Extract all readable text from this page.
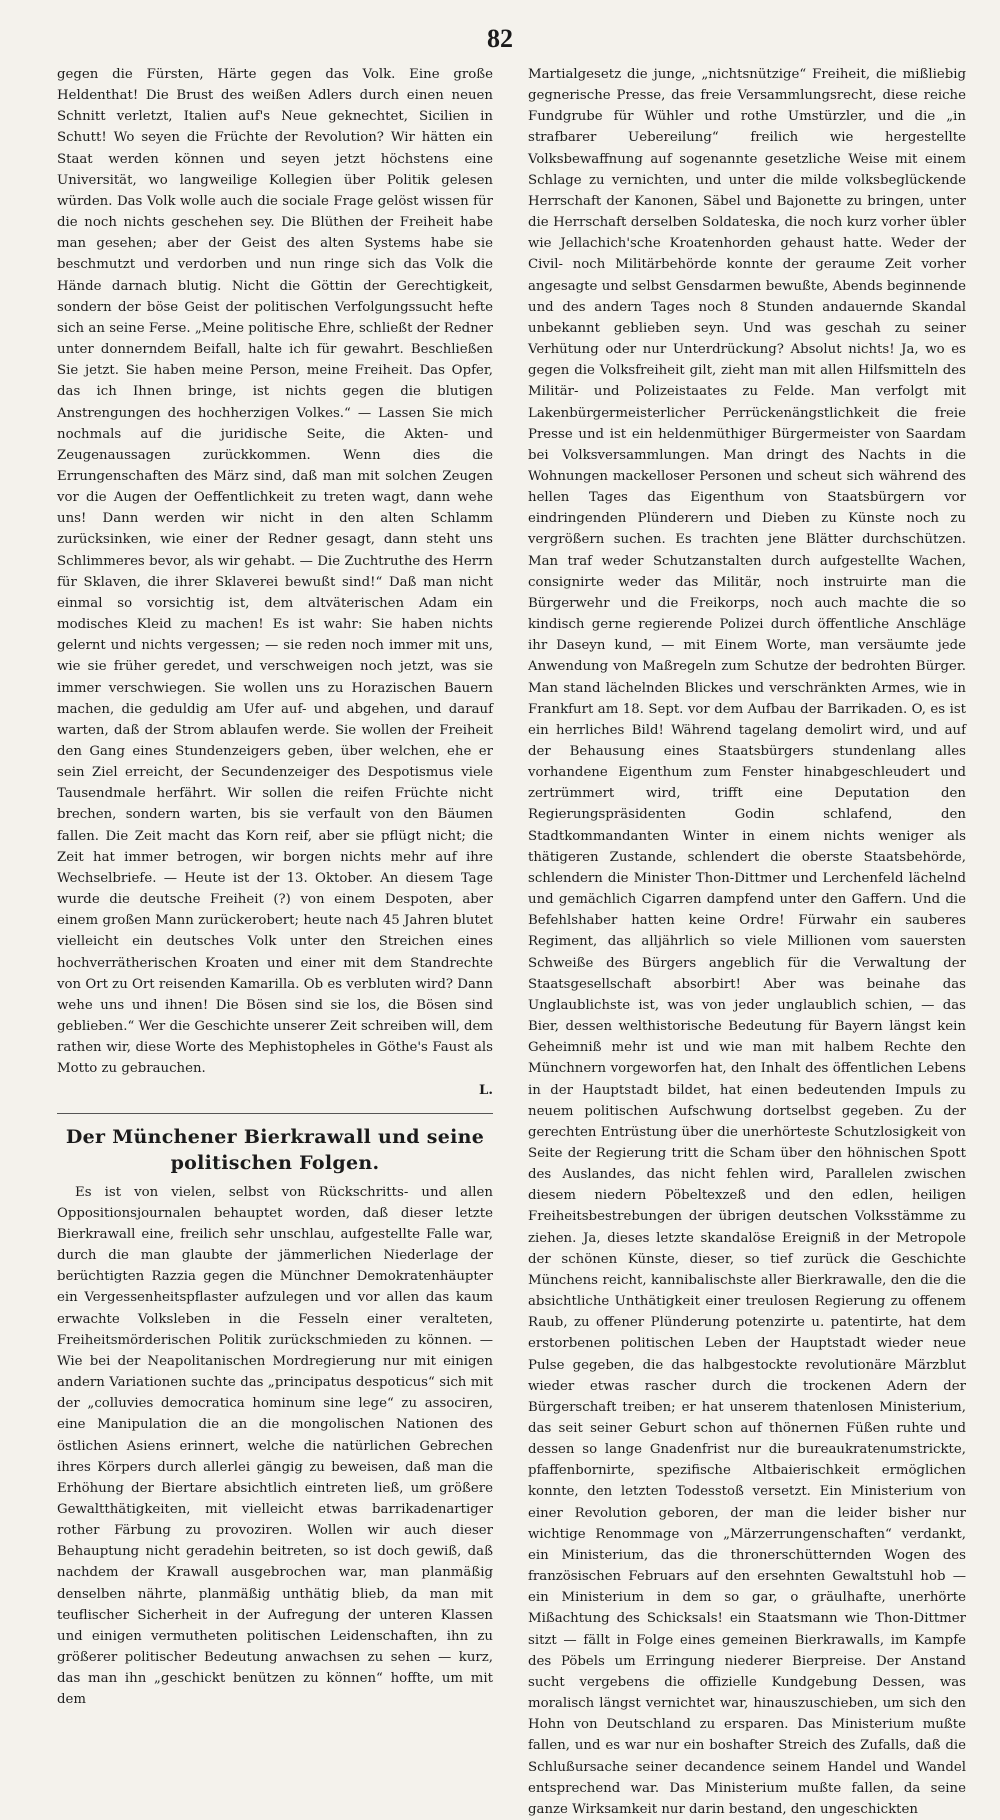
82

gegen die Fürsten, Härte gegen das Volk. Eine große Heldenthat! Die Brust des weißen Adlers durch einen neuen Schnitt verletzt, Italien auf's Neue geknechtet, Sicilien in Schutt! Wo seyen die Früchte der Revolution? Wir hätten ein Staat werden können und seyen jetzt höchstens eine Universität, wo langweilige Kollegien über Politik gelesen würden. Das Volk wolle auch die sociale Frage gelöst wissen für die noch nichts geschehen sey. Die Blüthen der Freiheit habe man gesehen; aber der Geist des alten Systems habe sie beschmutzt und verdorben und nun ringe sich das Volk die Hände darnach blutig. Nicht die Göttin der Gerechtigkeit, sondern der böse Geist der politischen Verfolgungssucht hefte sich an seine Ferse. „Meine politische Ehre, schließt der Redner unter donnerndem Beifall, halte ich für gewahrt. Beschließen Sie jetzt. Sie haben meine Person, meine Freiheit. Das Opfer, das ich Ihnen bringe, ist nichts gegen die blutigen Anstrengungen des hochherzigen Volkes.“ — Lassen Sie mich nochmals auf die juridische Seite, die Akten- und Zeugenaussagen zurückkommen. Wenn dies die Errungenschaften des März sind, daß man mit solchen Zeugen vor die Augen der Oeffentlichkeit zu treten wagt, dann wehe uns! Dann werden wir nicht in den alten Schlamm zurücksinken, wie einer der Redner gesagt, dann steht uns Schlimmeres bevor, als wir gehabt. — Die Zuchtruthe des Herrn für Sklaven, die ihrer Sklaverei bewußt sind!“ Daß man nicht einmal so vorsichtig ist, dem altväterischen Adam ein modisches Kleid zu machen! Es ist wahr: Sie haben nichts gelernt und nichts vergessen; — sie reden noch immer mit uns, wie sie früher geredet, und verschweigen noch jetzt, was sie immer verschwiegen. Sie wollen uns zu Horazischen Bauern machen, die geduldig am Ufer auf- und abgehen, und darauf warten, daß der Strom ablaufen werde. Sie wollen der Freiheit den Gang eines Stundenzeigers geben, über welchen, ehe er sein Ziel erreicht, der Secundenzeiger des Despotismus viele Tausendmale herfährt. Wir sollen die reifen Früchte nicht brechen, sondern warten, bis sie verfault von den Bäumen fallen. Die Zeit macht das Korn reif, aber sie pflügt nicht; die Zeit hat immer betrogen, wir borgen nichts mehr auf ihre Wechselbriefe. — Heute ist der 13. Oktober. An diesem Tage wurde die deutsche Freiheit (?) von einem Despoten, aber einem großen Mann zurückerobert; heute nach 45 Jahren blutet vielleicht ein deutsches Volk unter den Streichen eines hochverrätherischen Kroaten und einer mit dem Standrechte von Ort zu Ort reisenden Kamarilla. Ob es verbluten wird? Dann wehe uns und ihnen! Die Bösen sind sie los, die Bösen sind geblieben.“ Wer die Geschichte unserer Zeit schreiben will, dem rathen wir, diese Worte des Mephistopheles in Göthe's Faust als Motto zu gebrauchen.

L.
Der Münchener Bierkrawall und seine politischen Folgen.

Es ist von vielen, selbst von Rückschritts- und allen Oppositionsjournalen behauptet worden, daß dieser letzte Bierkrawall eine, freilich sehr unschlau, aufgestellte Falle war, durch die man glaubte der jämmerlichen Niederlage der berüchtigten Razzia gegen die Münchner Demokratenhäupter ein Vergessenheitspflaster aufzulegen und vor allen das kaum erwachte Volksleben in die Fesseln einer veralteten, Freiheitsmörderischen Politik zurückschmieden zu können. — Wie bei der Neapolitanischen Mordregierung nur mit einigen andern Variationen suchte das „principatus despoticus“ sich mit der „colluvies democratica hominum sine lege“ zu associren, eine Manipulation die an die mongolischen Nationen des östlichen Asiens erinnert, welche die natürlichen Gebrechen ihres Körpers durch allerlei gängig zu beweisen, daß man die Erhöhung der Biertare absichtlich eintreten ließ, um größere Gewaltthätigkeiten, mit vielleicht etwas barrikadenartiger rother Färbung zu provoziren. Wollen wir auch dieser Behauptung nicht geradehin beitreten, so ist doch gewiß, daß nachdem der Krawall ausgebrochen war, man planmäßig denselben nährte, planmäßig unthätig blieb, da man mit teuflischer Sicherheit in der Aufregung der unteren Klassen und einigen vermutheten politischen Leidenschaften, ihn zu größerer politischer Bedeutung anwachsen zu sehen — kurz, das man ihn „geschickt benützen zu können“ hoffte, um mit dem

Martialgesetz die junge, „nichtsnützige“ Freiheit, die mißliebig gegnerische Presse, das freie Versammlungsrecht, diese reiche Fundgrube für Wühler und rothe Umstürzler, und die „in strafbarer Uebereilung“ freilich wie hergestellte Volksbewaffnung auf sogenannte gesetzliche Weise mit einem Schlage zu vernichten, und unter die milde volksbeglückende Herrschaft der Kanonen, Säbel und Bajonette zu bringen, unter die Herrschaft derselben Soldateska, die noch kurz vorher übler wie Jellachich'sche Kroatenhorden gehaust hatte. Weder der Civil- noch Militärbehörde konnte der geraume Zeit vorher angesagte und selbst Gensdarmen bewußte, Abends beginnende und des andern Tages noch 8 Stunden andauernde Skandal unbekannt geblieben seyn. Und was geschah zu seiner Verhütung oder nur Unterdrückung? Absolut nichts! Ja, wo es gegen die Volksfreiheit gilt, zieht man mit allen Hilfsmitteln des Militär- und Polizeistaates zu Felde. Man verfolgt mit Lakenbürgermeisterlicher Perrückenängstlichkeit die freie Presse und ist ein heldenmüthiger Bürgermeister von Saardam bei Volksversammlungen. Man dringt des Nachts in die Wohnungen mackelloser Personen und scheut sich während des hellen Tages das Eigenthum von Staatsbürgern vor eindringenden Plünderern und Dieben zu Künste noch zu vergrößern suchen. Es trachten jene Blätter durchschützen. Man traf weder Schutzanstalten durch aufgestellte Wachen, consignirte weder das Militär, noch instruirte man die Bürgerwehr und die Freikorps, noch auch machte die so kindisch gerne regierende Polizei durch öffentliche Anschläge ihr Daseyn kund, — mit Einem Worte, man versäumte jede Anwendung von Maßregeln zum Schutze der bedrohten Bürger. Man stand lächelnden Blickes und verschränkten Armes, wie in Frankfurt am 18. Sept. vor dem Aufbau der Barrikaden. O, es ist ein herrliches Bild! Während tagelang demolirt wird, und auf der Behausung eines Staatsbürgers stundenlang alles vorhandene Eigenthum zum Fenster hinabgeschleudert und zertrümmert wird, trifft eine Deputation den Regierungspräsidenten Godin schlafend, den Stadtkommandanten Winter in einem nichts weniger als thätigeren Zustande, schlendert die oberste Staatsbehörde, schlendern die Minister Thon-Dittmer und Lerchenfeld lächelnd und gemächlich Cigarren dampfend unter den Gaffern. Und die Befehlshaber hatten keine Ordre! Fürwahr ein sauberes Regiment, das alljährlich so viele Millionen vom sauersten Schweiße des Bürgers angeblich für die Verwaltung der Staatsgesellschaft absorbirt! Aber was beinahe das Unglaublichste ist, was von jeder unglaublich schien, — das Bier, dessen welthistorische Bedeutung für Bayern längst kein Geheimniß mehr ist und wie man mit halbem Rechte den Münchnern vorgeworfen hat, den Inhalt des öffentlichen Lebens in der Hauptstadt bildet, hat einen bedeutenden Impuls zu neuem politischen Aufschwung dortselbst gegeben. Zu der gerechten Entrüstung über die unerhörteste Schutzlosigkeit von Seite der Regierung tritt die Scham über den höhnischen Spott des Auslandes, das nicht fehlen wird, Parallelen zwischen diesem niedern Pöbeltexzeß und den edlen, heiligen Freiheitsbestrebungen der übrigen deutschen Volksstämme zu ziehen. Ja, dieses letzte skandalöse Ereigniß in der Metropole der schönen Künste, dieser, so tief zurück die Geschichte Münchens reicht, kannibalischste aller Bierkrawalle, den die die absichtliche Unthätigkeit einer treulosen Regierung zu offenem Raub, zu offener Plünderung potenzirte u. patentirte, hat dem erstorbenen politischen Leben der Hauptstadt wieder neue Pulse gegeben, die das halbgestockte revolutionäre Märzblut wieder etwas rascher durch die trockenen Adern der Bürgerschaft treiben; er hat unserem thatenlosen Ministerium, das seit seiner Geburt schon auf thönernen Füßen ruhte und dessen so lange Gnadenfrist nur die bureaukratenumstrickte, pfaffenbornirte, spezifische Altbaierischkeit ermöglichen konnte, den letzten Todesstoß versetzt. Ein Ministerium von einer Revolution geboren, der man die leider bisher nur wichtige Renommage von „Märzerrungenschaften“ verdankt, ein Ministerium, das die thronerschütternden Wogen des französischen Februars auf den ersehnten Gewaltstuhl hob — ein Ministerium in dem so gar, o gräulhafte, unerhörte Mißachtung des Schicksals! ein Staatsmann wie Thon-Dittmer sitzt — fällt in Folge eines gemeinen Bierkrawalls, im Kampfe des Pöbels um Erringung niederer Bierpreise. Der Anstand sucht vergebens die offizielle Kundgebung Dessen, was moralisch längst vernichtet war, hinauszuschieben, um sich den Hohn von Deutschland zu ersparen. Das Ministerium mußte fallen, und es war nur ein boshafter Streich des Zufalls, daß die Schlußursache seiner decandence seinem Handel und Wandel entsprechend war. Das Ministerium mußte fallen, da seine ganze Wirksamkeit nur darin bestand, den ungeschickten
